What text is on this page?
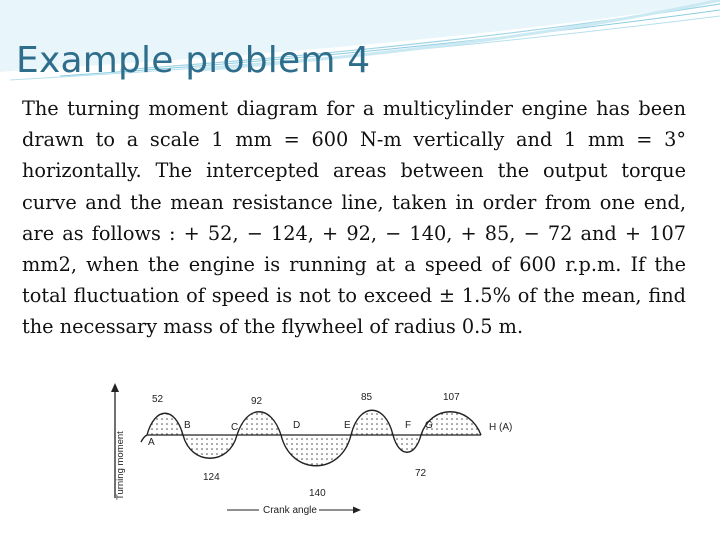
Example problem 4

The turning moment diagram for a multicylinder engine has been drawn to a scale 1 mm = 600 N-m vertically and 1 mm = 3° horizontally. The intercepted areas between the output torque curve and the mean resistance line, taken in order from one end, are as follows : + 52, − 124, + 92, − 140, + 85, − 72 and + 107 mm2, when the engine is running at a speed of 600 r.p.m. If the total fluctuation of speed is not to exceed ± 1.5% of the mean, find the necessary mass of the flywheel of radius 0.5 m.

Turning moment A
B	C	D	E	F G	H (A)
52
124
92
140
85
72
107
Crank angle
